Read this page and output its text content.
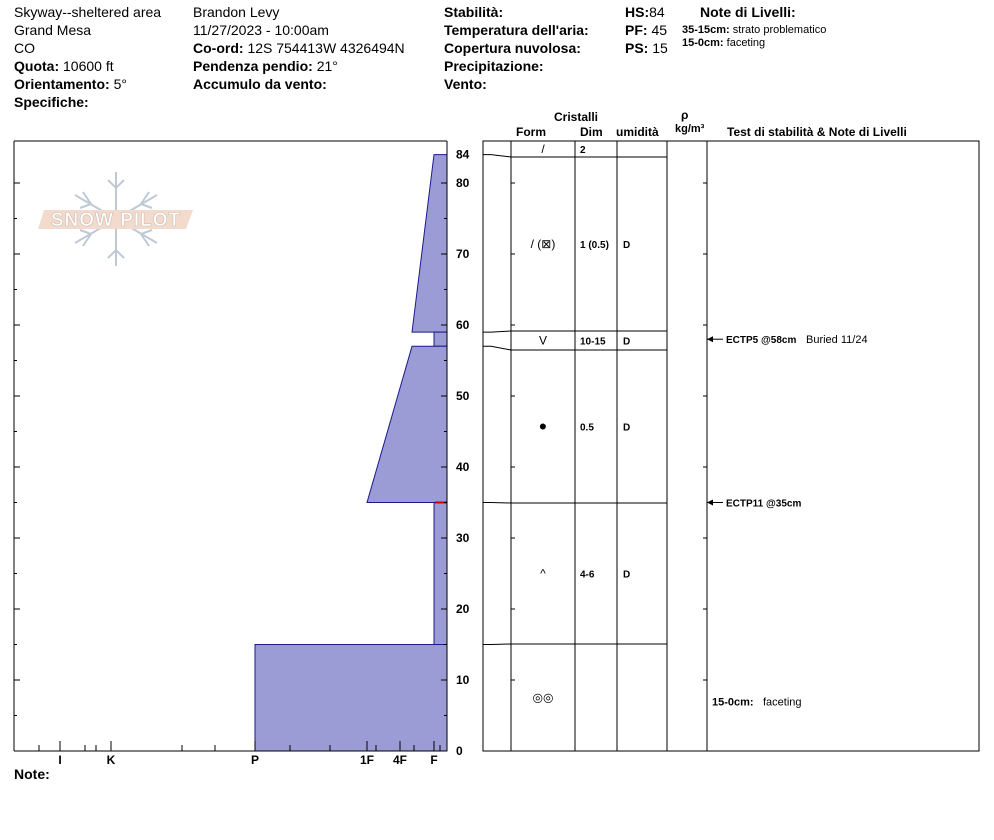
Skyway--sheltered area
Grand Mesa
CO
Quota: 10600 ft
Orientamento: 5°
Specifiche:
Brandon Levy
11/27/2023 - 10:00am
Co-ord: 12S 754413W 4326494N
Pendenza pendio: 21°
Accumulo da vento:
Stabilità:
Temperatura dell'aria:
Copertura nuvolosa:
Precipitazione:
Vento:
HS:84
PF: 45
PS: 15
Note di Livelli:
35-15cm: strato problematico
15-0cm: faceting
Cristalli
Form	Dim umidità
ρ
kg/m³ Test di stabilità & Note di Livelli
SNOW PILOT
0
10
20
30
40
50
60
70
80
84
I	K	P	1F 4F F
/	2
/ (⊠) 1 (0.5) D
V	10-15 D
●	0.5	D
^	4-6	D
◎◎
ECTP5 @58cm Buried 11/24
ECTP11 @35cm
15-0cm: faceting
Note:
